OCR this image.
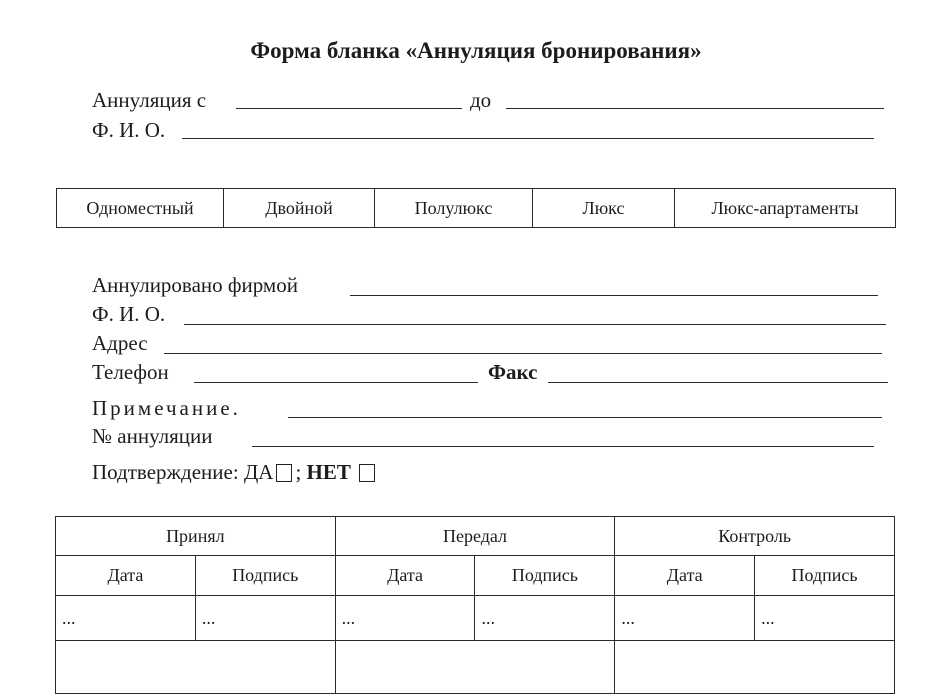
Форма бланка «Аннуляция бронирования»
Аннуляция с	до
Ф. И. О.
Одноместный	Двойной	Полулюкс	Люкс	Люкс-апартаменты
Аннулировано фирмой
Ф. И. О.
Адрес
Телефон	Факс
Примечание.
№ аннуляции
Подтверждение: ДА ; НЕТ
Принял		Передал		Контроль	
Дата	Подпись	Дата	Подпись	Дата	Подпись
...	...	...	...	...	...
